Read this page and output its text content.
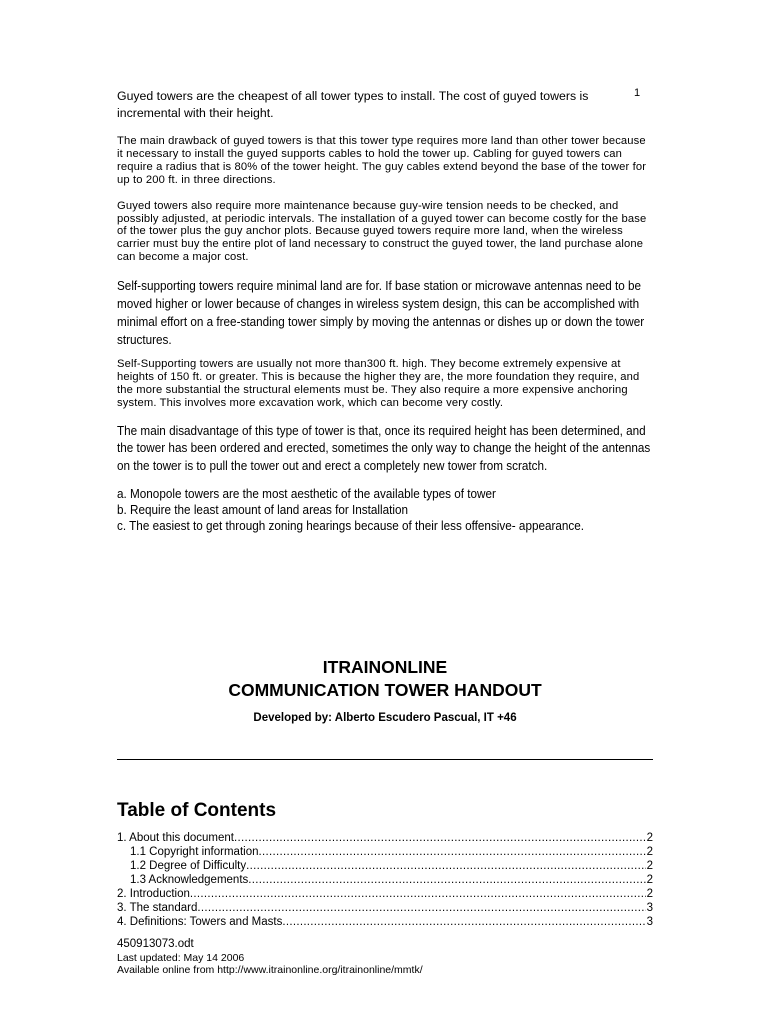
1

Guyed towers are the cheapest of all tower types to install. The cost of guyed towers is incremental with their height.

The main drawback of guyed towers is that this tower type requires more land than other tower because it necessary to install the guyed supports cables to hold the tower up. Cabling for guyed towers can require a radius that is 80% of the tower height. The guy cables extend beyond the base of the tower for up to 200 ft. in three directions.

Guyed towers also require more maintenance because guy-wire tension needs to be checked, and possibly adjusted, at periodic intervals. The installation of a guyed tower can become costly for the base of the tower plus the guy anchor plots. Because guyed towers require more land, when the wireless carrier must buy the entire plot of land necessary to construct the guyed tower, the land purchase alone can become a major cost.

Self-supporting towers require minimal land are for. If base station or microwave antennas need to be moved higher or lower because of changes in wireless system design, this can be accomplished with minimal effort on a free-standing tower simply by moving the antennas or dishes up or down the tower structures.

Self-Supporting towers are usually not more than300 ft. high. They become extremely expensive at heights of 150 ft. or greater. This is because the higher they are, the more foundation they require, and the more substantial the structural elements must be. They also require a more expensive anchoring system. This involves more excavation work, which can become very costly.

The main disadvantage of this type of tower is that, once its required height has been determined, and the tower has been ordered and erected, sometimes the only way to change the height of the antennas on the tower is to pull the tower out and erect a completely new tower from scratch.

a. Monopole towers are the most aesthetic of the available types of tower

b. Require the least amount of land areas for Installation

c. The easiest to get through zoning hearings because of their less offensive- appearance.

ITRAINONLINE
COMMUNICATION TOWER HANDOUT
Developed by: Alberto Escudero Pascual, IT +46
Table of Contents
1. About this document .....	2
1.1 Copyright information .....	2
1.2 Degree of Difficulty .....	2
1.3 Acknowledgements .....	2
2. Introduction .....	2
3. The standard .....	3
4. Definitions: Towers and Masts .....	3
450913073.odt
Last updated: May 14 2006
Available online from http://www.itrainonline.org/itrainonline/mmtk/
